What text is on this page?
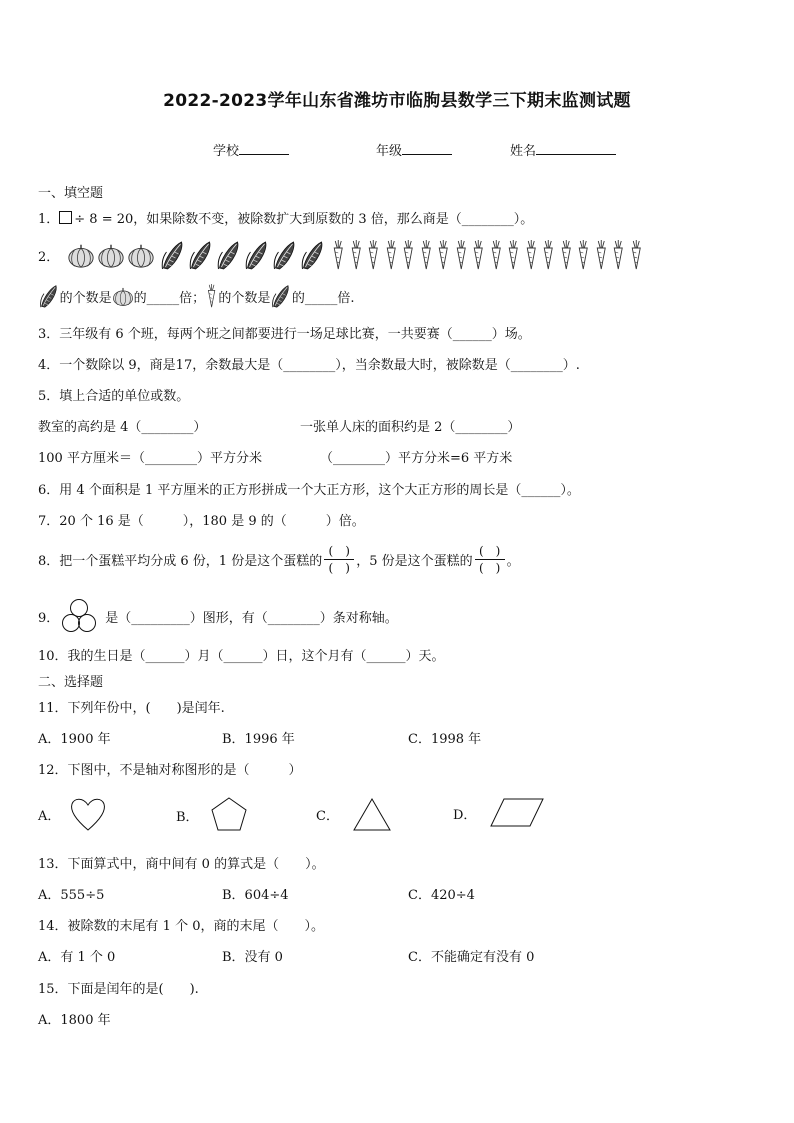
2022-2023学年山东省潍坊市临朐县数学三下期末监测试题
学校	年级	姓名
一、填空题
1． ÷ 8 = 20，如果除数不变，被除数扩大到原数的 3 倍，那么商是（________）。
2．
的个数是 的_____倍； 的个数是 的_____倍.
3．三年级有 6 个班，每两个班之间都要进行一场足球比赛，一共要赛（______）场。
4．一个数除以 9，商是17，余数最大是（________），当余数最大时，被除数是（________）.
5．填上合适的单位或数。
教室的高约是 4（________）	一张单人床的面积约是 2（________）
100 平方厘米＝（________）平方分米	（________）平方分米=6 平方米
6．用 4 个面积是 1 平方厘米的正方形拼成一个大正方形，这个大正方形的周长是（______）。
7．20 个 16 是（　　　），180 是 9 的（　　　）倍。
8．把一个蛋糕平均分成 6 份，1 份是这个蛋糕的 $\frac{( )}{( )}$ ，5 份是这个蛋糕的 $\frac{( )}{( )}$ 。
9．	是（_________）图形，有（________）条对称轴。
10．我的生日是（______）月（______）日，这个月有（______）天。
二、选择题
11．下列年份中，(　　)是闰年.
A．1900 年	B．1996 年	C．1998 年
12．下图中，不是轴对称图形的是（　　　）
A．	B．	C．	D．
13．下面算式中，商中间有 0 的算式是（　　）。
A．555÷5	B．604÷4	C．420÷4
14．被除数的末尾有 1 个 0，商的末尾（　　）。
A．有 1 个 0	B．没有 0	C．不能确定有没有 0
15．下面是闰年的是(　　).
A．1800 年
